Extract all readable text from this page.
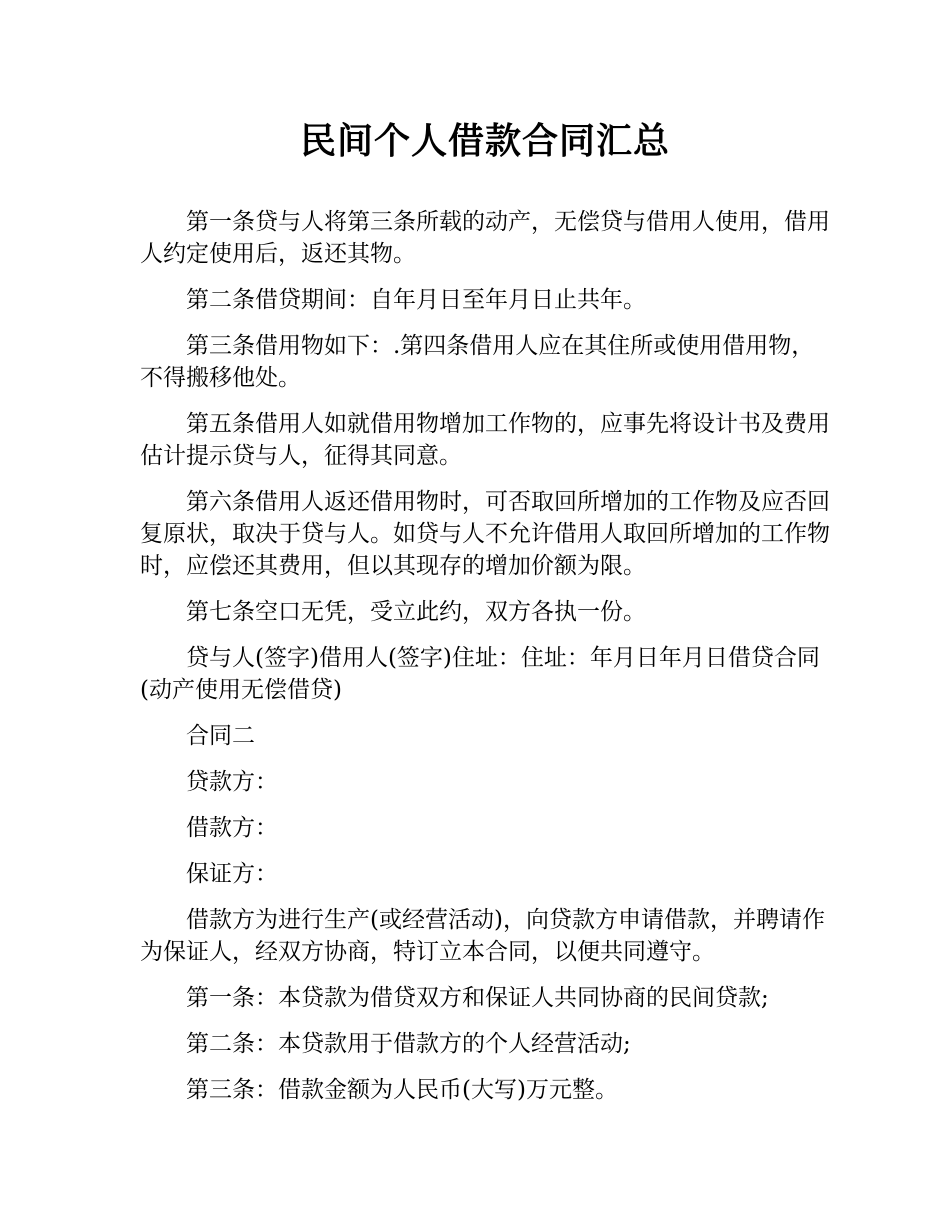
民间个人借款合同汇总

第一条贷与人将第三条所载的动产，无偿贷与借用人使用，借用人约定使用后，返还其物。

第二条借贷期间：自年月日至年月日止共年。

第三条借用物如下：.第四条借用人应在其住所或使用借用物，不得搬移他处。

第五条借用人如就借用物增加工作物的，应事先将设计书及费用估计提示贷与人，征得其同意。

第六条借用人返还借用物时，可否取回所增加的工作物及应否回复原状，取决于贷与人。如贷与人不允许借用人取回所增加的工作物时，应偿还其费用，但以其现存的增加价额为限。

第七条空口无凭，受立此约，双方各执一份。

贷与人(签字)借用人(签字)住址：住址：年月日年月日借贷合同(动产使用无偿借贷)

合同二

贷款方：

借款方：

保证方：

借款方为进行生产(或经营活动)，向贷款方申请借款，并聘请作为保证人，经双方协商，特订立本合同，以便共同遵守。

第一条：本贷款为借贷双方和保证人共同协商的民间贷款;

第二条：本贷款用于借款方的个人经营活动;

第三条：借款金额为人民币(大写)万元整。
